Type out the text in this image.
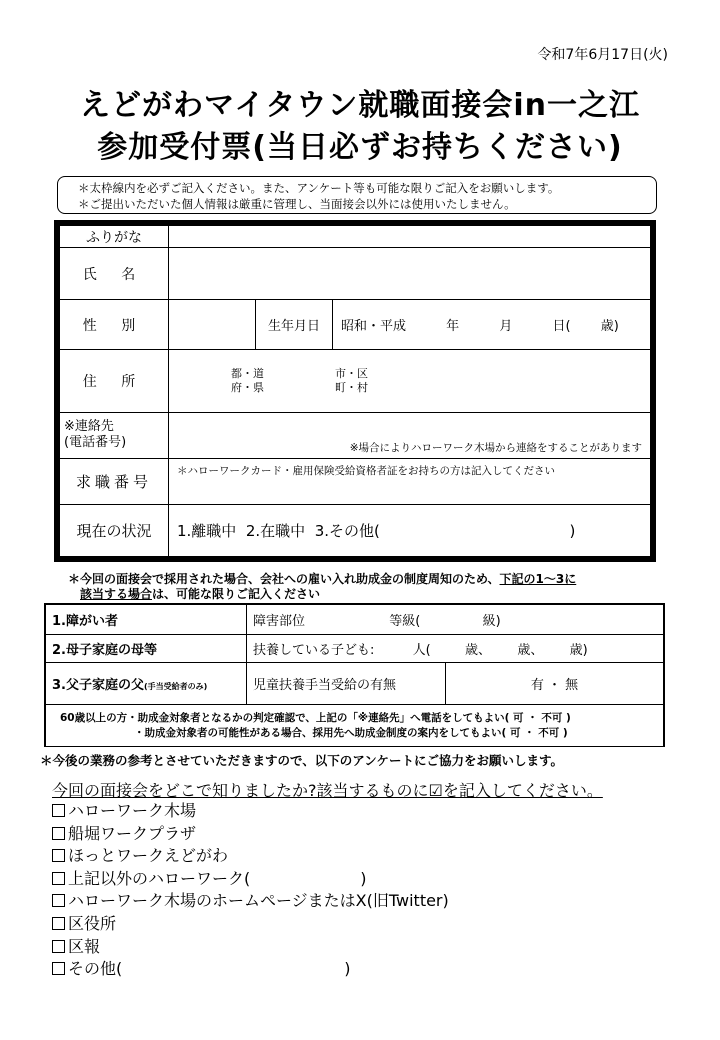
令和7年6月17日(火)
えどがわマイタウン就職面接会in一之江
参加受付票(当日必ずお持ちください)
＊太枠線内を必ずご記入ください。また、アンケート等も可能な限りご記入をお願いします。
＊ご提出いただいた個人情報は厳重に管理し、当面接会以外には使用いたしません。
ふりがな			
氏 名			
性 別		生年月日	昭和・平成 年 月 日( 歳)
住 所	都・道
府・県
市・区
町・村		

※連絡先
(電話番号)	※場合によりハローワーク木場から連絡をすることがあります		
求職番号	＊ハローワークカード・雇用保険受給資格者証をお持ちの方は記入してください		
現在の状況	1.離職中  2.在職中  3.その他( )		
＊今回の面接会で採用された場合、会社への雇い入れ助成金の制度周知のため、下記の1～3に
該当する場合は、可能な限りご記入ください
1.障がい者	障害部位 等級( 級)	
2.母子家庭の母等	扶養している子ども: 人( 歳、 歳、 歳)	
3.父子家庭の父(手当受給者のみ)	児童扶養手当受給の有無	有 ・ 無

60歳以上の方・助成金対象者となるかの判定確認で、上記の「※連絡先」へ電話をしてもよい( 可 ・ 不可 )
・助成金対象者の可能性がある場合、採用先へ助成金制度の案内をしてもよい( 可 ・ 不可 )		
＊今後の業務の参考とさせていただきますので、以下のアンケートにご協力をお願いします。
今回の面接会をどこで知りましたか?該当するものに☑を記入してください。
ハローワーク木場
船堀ワークプラザ
ほっとワークえどがわ
上記以外のハローワーク(	)
ハローワーク木場のホームページまたはX(旧Twitter)
区役所
区報
その他(	)
